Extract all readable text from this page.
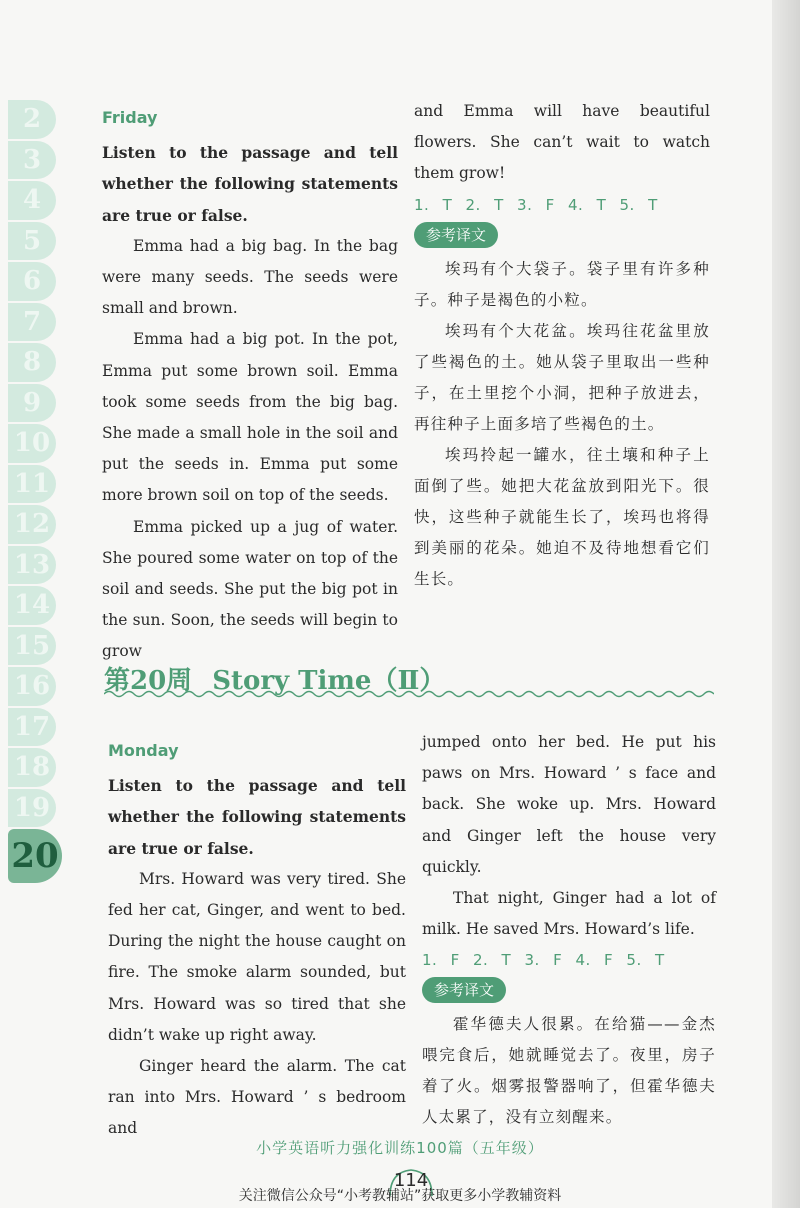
2
3
4
5
6
7
8
9
10
11
12
13
14
15
16
17
18
19
20
Friday

Listen to the passage and tell whether the following statements are true or false.

Emma had a big bag. In the bag were many seeds. The seeds were small and brown.

Emma had a big pot. In the pot, Emma put some brown soil. Emma took some seeds from the big bag. She made a small hole in the soil and put the seeds in. Emma put some more brown soil on top of the seeds.

Emma picked up a jug of water. She poured some water on top of the soil and seeds. She put the big pot in the sun. Soon, the seeds will begin to grow

and Emma will have beautiful flowers. She can’t wait to watch them grow!

1. T 2. T 3. F 4. T 5. T
参考译文

埃玛有个大袋子。袋子里有许多种子。种子是褐色的小粒。

埃玛有个大花盆。埃玛往花盆里放了些褐色的土。她从袋子里取出一些种子，在土里挖个小洞，把种子放进去，再往种子上面多培了些褐色的土。

埃玛拎起一罐水，往土壤和种子上面倒了些。她把大花盆放到阳光下。很快，这些种子就能生长了，埃玛也将得到美丽的花朵。她迫不及待地想看它们生长。

第20周 Story Time（Ⅱ）
Monday

Listen to the passage and tell whether the following statements are true or false.

Mrs. Howard was very tired. She fed her cat, Ginger, and went to bed. During the night the house caught on fire. The smoke alarm sounded, but Mrs. Howard was so tired that she didn’t wake up right away.

Ginger heard the alarm. The cat ran into Mrs. Howard ’ s bedroom and

jumped onto her bed. He put his paws on Mrs. Howard ’ s face and back. She woke up. Mrs. Howard and Ginger left the house very quickly.

That night, Ginger had a lot of milk. He saved Mrs. Howard’s life.

1. F 2. T 3. F 4. F 5. T
参考译文

霍华德夫人很累。在给猫——金杰喂完食后，她就睡觉去了。夜里，房子着了火。烟雾报警器响了，但霍华德夫人太累了，没有立刻醒来。

小学英语听力强化训练100篇（五年级）
114
关注微信公众号“小考教辅站”获取更多小学教辅资料
